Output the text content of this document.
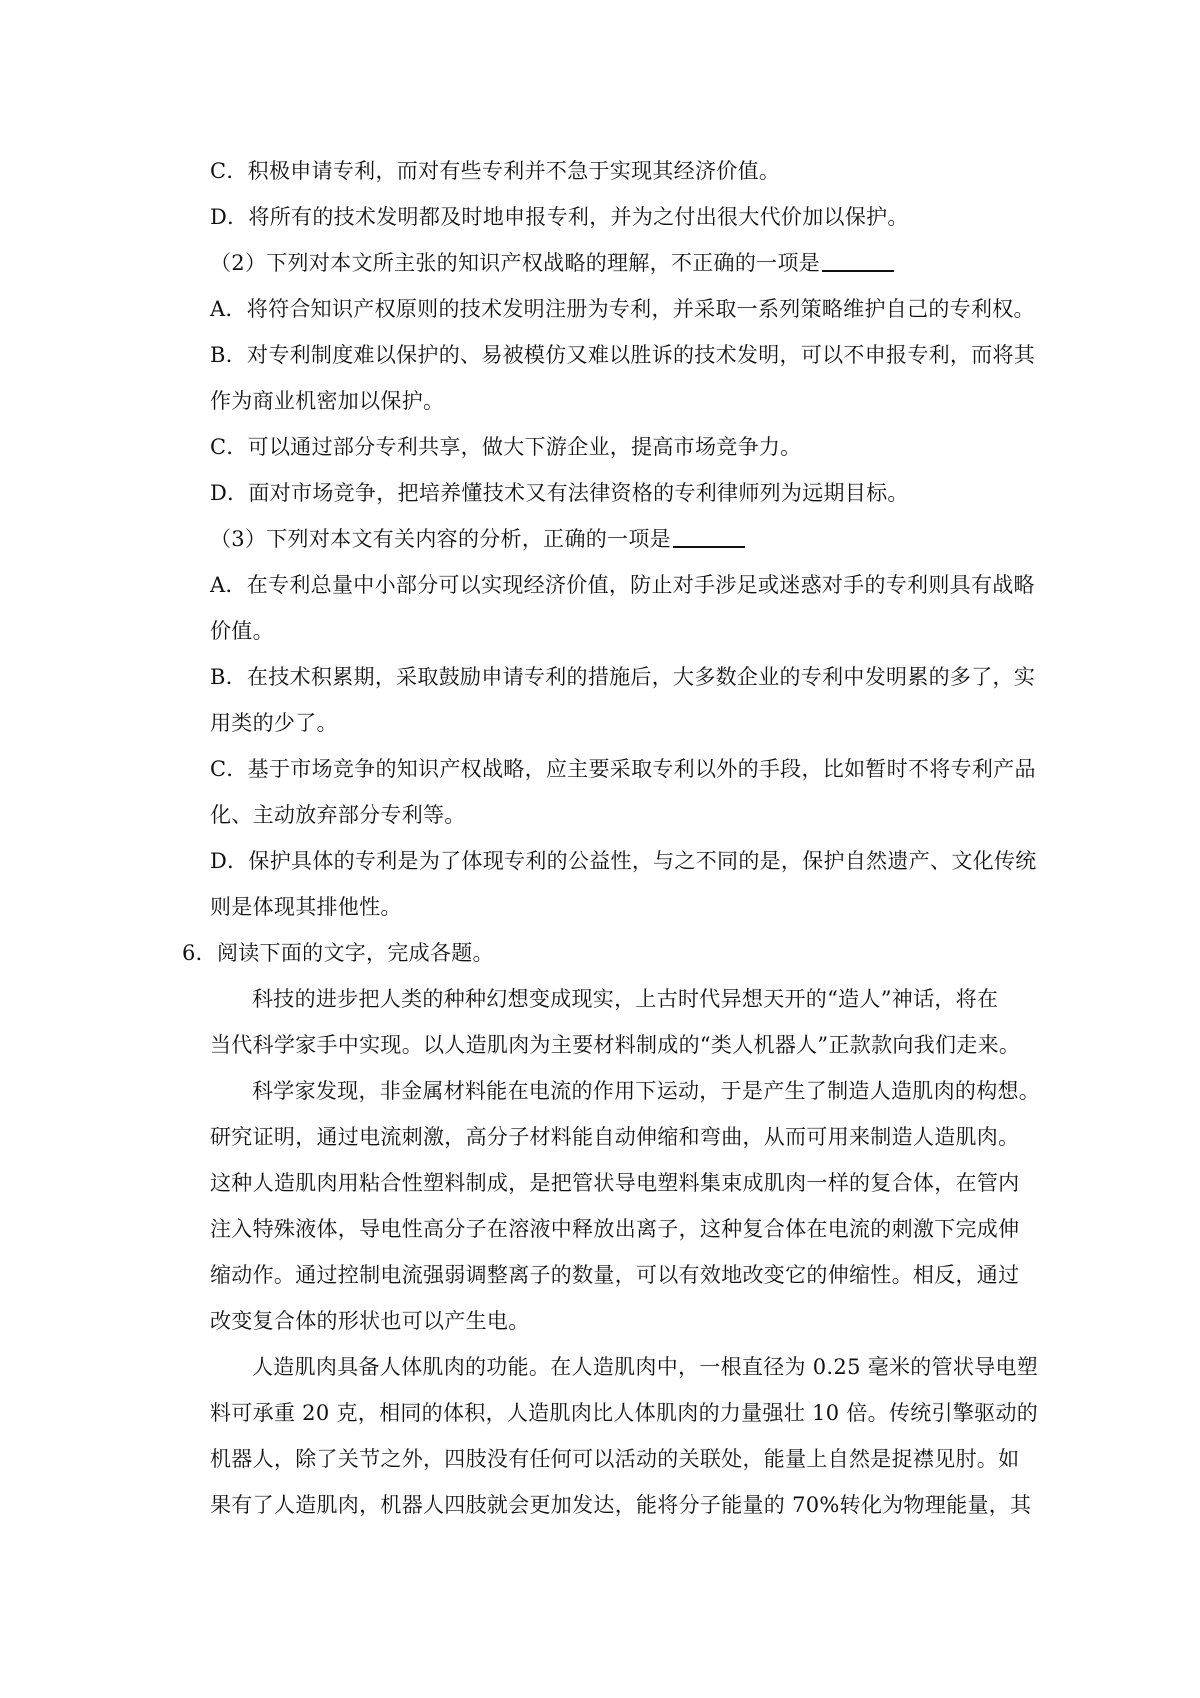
C．积极申请专利，而对有些专利并不急于实现其经济价值。
D．将所有的技术发明都及时地申报专利，并为之付出很大代价加以保护。
（2）下列对本文所主张的知识产权战略的理解，不正确的一项是
A．将符合知识产权原则的技术发明注册为专利，并采取一系列策略维护自己的专利权。
B．对专利制度难以保护的、易被模仿又难以胜诉的技术发明，可以不申报专利，而将其
作为商业机密加以保护。
C．可以通过部分专利共享，做大下游企业，提高市场竞争力。
D．面对市场竞争，把培养懂技术又有法律资格的专利律师列为远期目标。
（3）下列对本文有关内容的分析，正确的一项是
A．在专利总量中小部分可以实现经济价值，防止对手涉足或迷惑对手的专利则具有战略
价值。
B．在技术积累期，采取鼓励申请专利的措施后，大多数企业的专利中发明累的多了，实
用类的少了。
C．基于市场竞争的知识产权战略，应主要采取专利以外的手段，比如暂时不将专利产品
化、主动放弃部分专利等。
D．保护具体的专利是为了体现专利的公益性，与之不同的是，保护自然遗产、文化传统
则是体现其排他性。
6．阅读下面的文字，完成各题。
科技的进步把人类的种种幻想变成现实，上古时代异想天开的“造人”神话，将在
当代科学家手中实现。以人造肌肉为主要材料制成的“类人机器人”正款款向我们走来。
科学家发现，非金属材料能在电流的作用下运动，于是产生了制造人造肌肉的构想。
研究证明，通过电流刺激，高分子材料能自动伸缩和弯曲，从而可用来制造人造肌肉。
这种人造肌肉用粘合性塑料制成，是把管状导电塑料集束成肌肉一样的复合体，在管内
注入特殊液体，导电性高分子在溶液中释放出离子，这种复合体在电流的刺激下完成伸
缩动作。通过控制电流强弱调整离子的数量，可以有效地改变它的伸缩性。相反，通过
改变复合体的形状也可以产生电。
人造肌肉具备人体肌肉的功能。在人造肌肉中，一根直径为 0.25 毫米的管状导电塑
料可承重 20 克，相同的体积，人造肌肉比人体肌肉的力量强壮 10 倍。传统引擎驱动的
机器人，除了关节之外，四肢没有任何可以活动的关联处，能量上自然是捉襟见肘。如
果有了人造肌肉，机器人四肢就会更加发达，能将分子能量的 70%转化为物理能量，其
